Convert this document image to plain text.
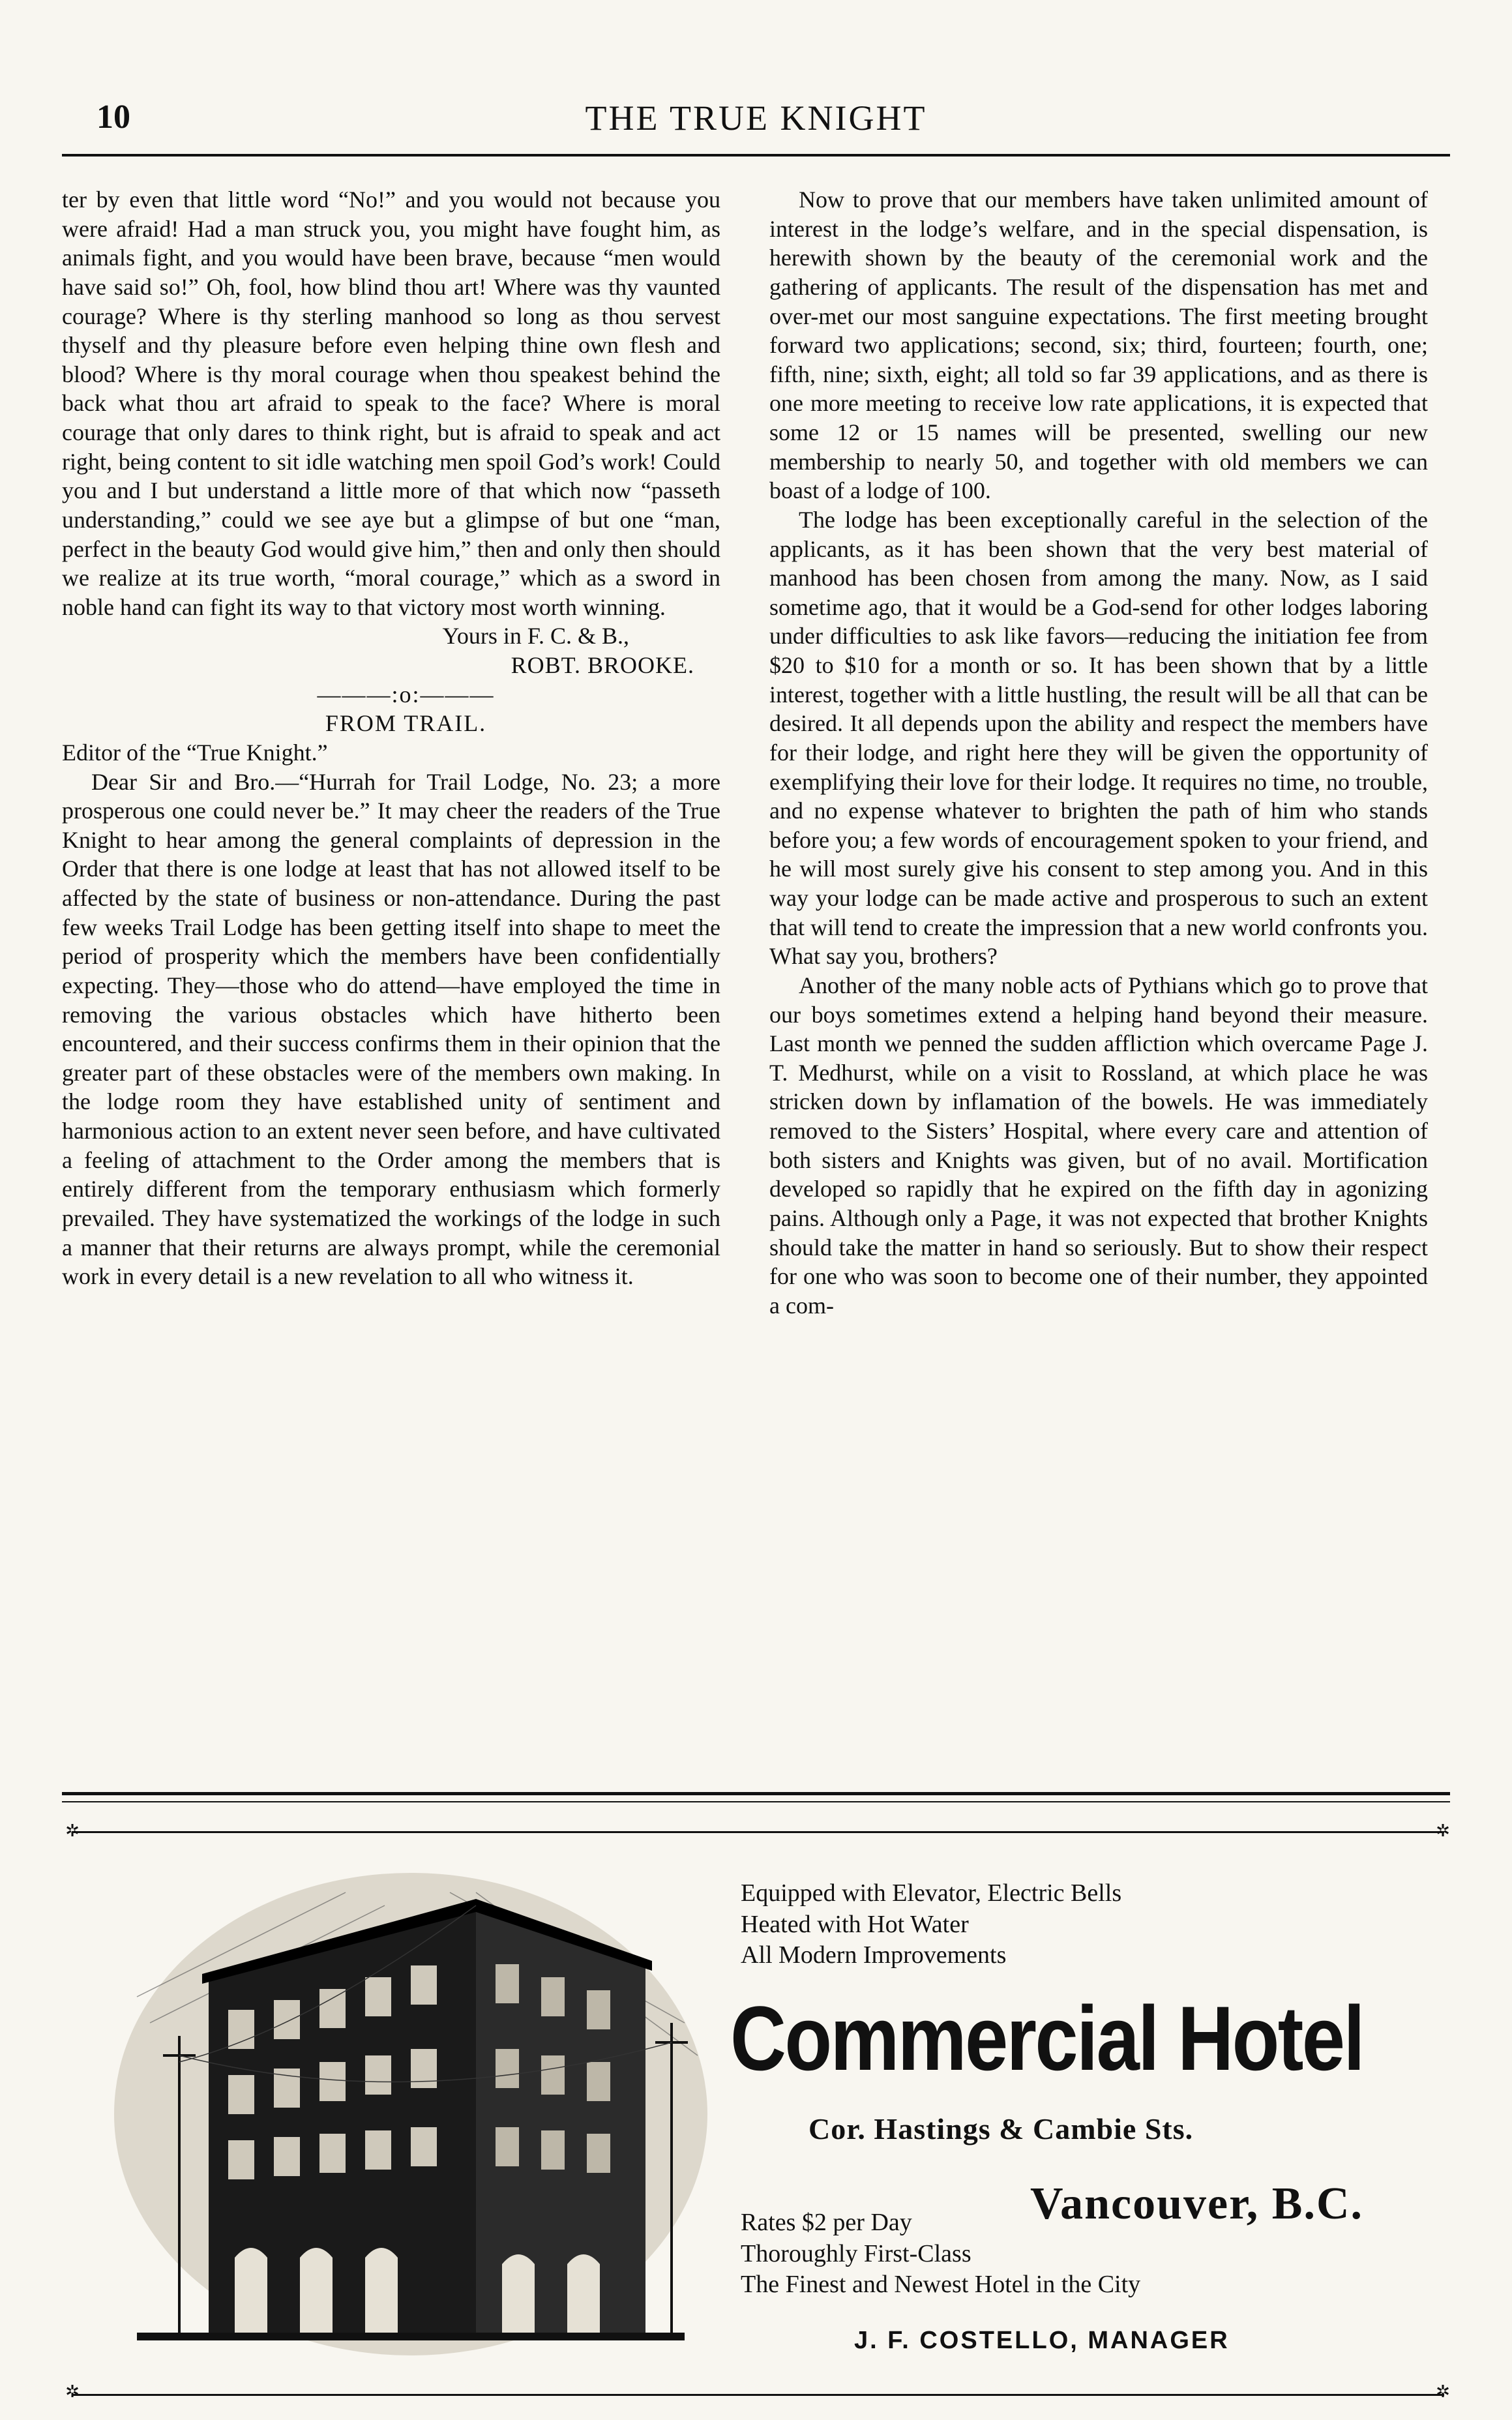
10	THE TRUE KNIGHT

ter by even that little word “No!” and you would not because you were afraid! Had a man struck you, you might have fought him, as animals fight, and you would have been brave, because “men would have said so!” Oh, fool, how blind thou art! Where was thy vaunted courage? Where is thy sterling manhood so long as thou servest thyself and thy pleasure before even helping thine own flesh and blood? Where is thy moral courage when thou speakest behind the back what thou art afraid to speak to the face? Where is moral courage that only dares to think right, but is afraid to speak and act right, being content to sit idle watching men spoil God’s work! Could you and I but understand a little more of that which now “passeth understanding,” could we see aye but a glimpse of but one “man, perfect in the beauty God would give him,” then and only then should we realize at its true worth, “moral courage,” which as a sword in noble hand can fight its way to that victory most worth winning.

Yours in F. C. & B.,

ROBT. BROOKE.

———:o:———

FROM TRAIL.

Editor of the “True Knight.”

Dear Sir and Bro.—“Hurrah for Trail Lodge, No. 23; a more prosperous one could never be.” It may cheer the readers of the True Knight to hear among the general complaints of depression in the Order that there is one lodge at least that has not allowed itself to be affected by the state of business or non-attendance. During the past few weeks Trail Lodge has been getting itself into shape to meet the period of prosperity which the members have been confidentially expecting. They—those who do attend—have employed the time in removing the various obstacles which have hitherto been encountered, and their success confirms them in their opinion that the greater part of these obstacles were of the members own making. In the lodge room they have established unity of sentiment and harmonious action to an extent never seen before, and have cultivated a feeling of attachment to the Order among the members that is entirely different from the temporary enthusiasm which formerly prevailed. They have systematized the workings of the lodge in such a manner that their returns are always prompt, while the ceremonial work in every detail is a new revelation to all who witness it.

Now to prove that our members have taken unlimited amount of interest in the lodge’s welfare, and in the special dispensation, is herewith shown by the beauty of the ceremonial work and the gathering of applicants. The result of the dispensation has met and over-met our most sanguine expectations. The first meeting brought forward two applications; second, six; third, fourteen; fourth, one; fifth, nine; sixth, eight; all told so far 39 applications, and as there is one more meeting to receive low rate applications, it is expected that some 12 or 15 names will be presented, swelling our new membership to nearly 50, and together with old members we can boast of a lodge of 100.

The lodge has been exceptionally careful in the selection of the applicants, as it has been shown that the very best material of manhood has been chosen from among the many. Now, as I said sometime ago, that it would be a God-send for other lodges laboring under difficulties to ask like favors—reducing the initiation fee from $20 to $10 for a month or so. It has been shown that by a little interest, together with a little hustling, the result will be all that can be desired. It all depends upon the ability and respect the members have for their lodge, and right here they will be given the opportunity of exemplifying their love for their lodge. It requires no time, no trouble, and no expense whatever to brighten the path of him who stands before you; a few words of encouragement spoken to your friend, and he will most surely give his consent to step among you. And in this way your lodge can be made active and prosperous to such an extent that will tend to create the impression that a new world confronts you. What say you, brothers?

Another of the many noble acts of Pythians which go to prove that our boys sometimes extend a helping hand beyond their measure. Last month we penned the sudden affliction which overcame Page J. T. Medhurst, while on a visit to Rossland, at which place he was stricken down by inflamation of the bowels. He was immediately removed to the Sisters’ Hospital, where every care and attention of both sisters and Knights was given, but of no avail. Mortification developed so rapidly that he expired on the fifth day in agonizing pains. Although only a Page, it was not expected that brother Knights should take the matter in hand so seriously. But to show their respect for one who was soon to become one of their number, they appointed a com-

✲	✲
✲	✲
Equipped with Elevator, Electric Bells
Heated with Hot Water
All Modern Improvements
Commercial Hotel
Cor. Hastings & Cambie Sts.
Vancouver, B.C.
Rates $2 per Day
Thoroughly First-Class
The Finest and Newest Hotel in the City
J. F. COSTELLO, MANAGER
